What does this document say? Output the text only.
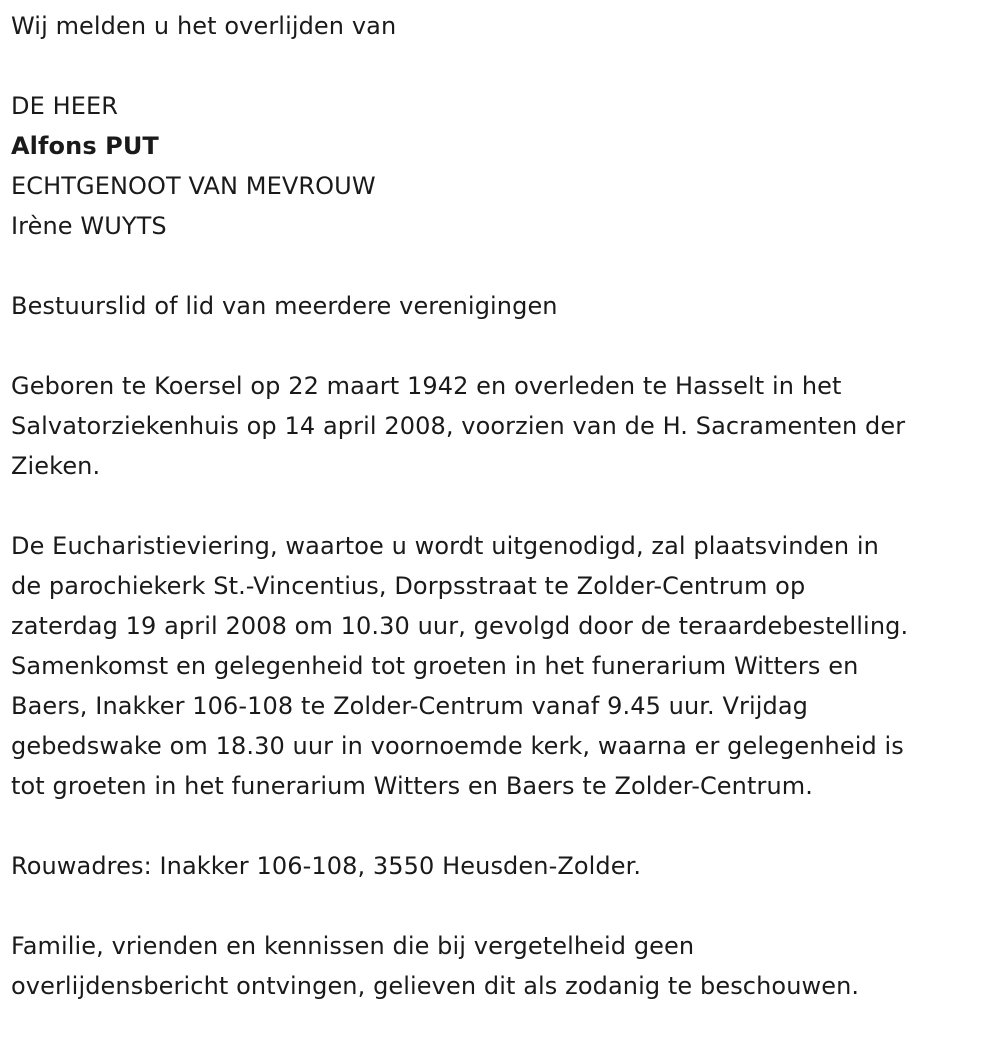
Wij melden u het overlijden van

DE HEER

Alfons PUT

ECHTGENOOT VAN MEVROUW

Irène WUYTS

Bestuurslid of lid van meerdere verenigingen

Geboren te Koersel op 22 maart 1942 en overleden te Hasselt in het
Salvatorziekenhuis op 14 april 2008, voorzien van de H. Sacramenten der
Zieken.
De Eucharistieviering, waartoe u wordt uitgenodigd, zal plaatsvinden in
de parochiekerk St.-Vincentius, Dorpsstraat te Zolder-Centrum op
zaterdag 19 april 2008 om 10.30 uur, gevolgd door de teraardebestelling.
Samenkomst en gelegenheid tot groeten in het funerarium Witters en
Baers, Inakker 106-108 te Zolder-Centrum vanaf 9.45 uur. Vrijdag
gebedswake om 18.30 uur in voornoemde kerk, waarna er gelegenheid is
tot groeten in het funerarium Witters en Baers te Zolder-Centrum.

Rouwadres: Inakker 106-108, 3550 Heusden-Zolder.

Familie, vrienden en kennissen die bij vergetelheid geen
overlijdensbericht ontvingen, gelieven dit als zodanig te beschouwen.
